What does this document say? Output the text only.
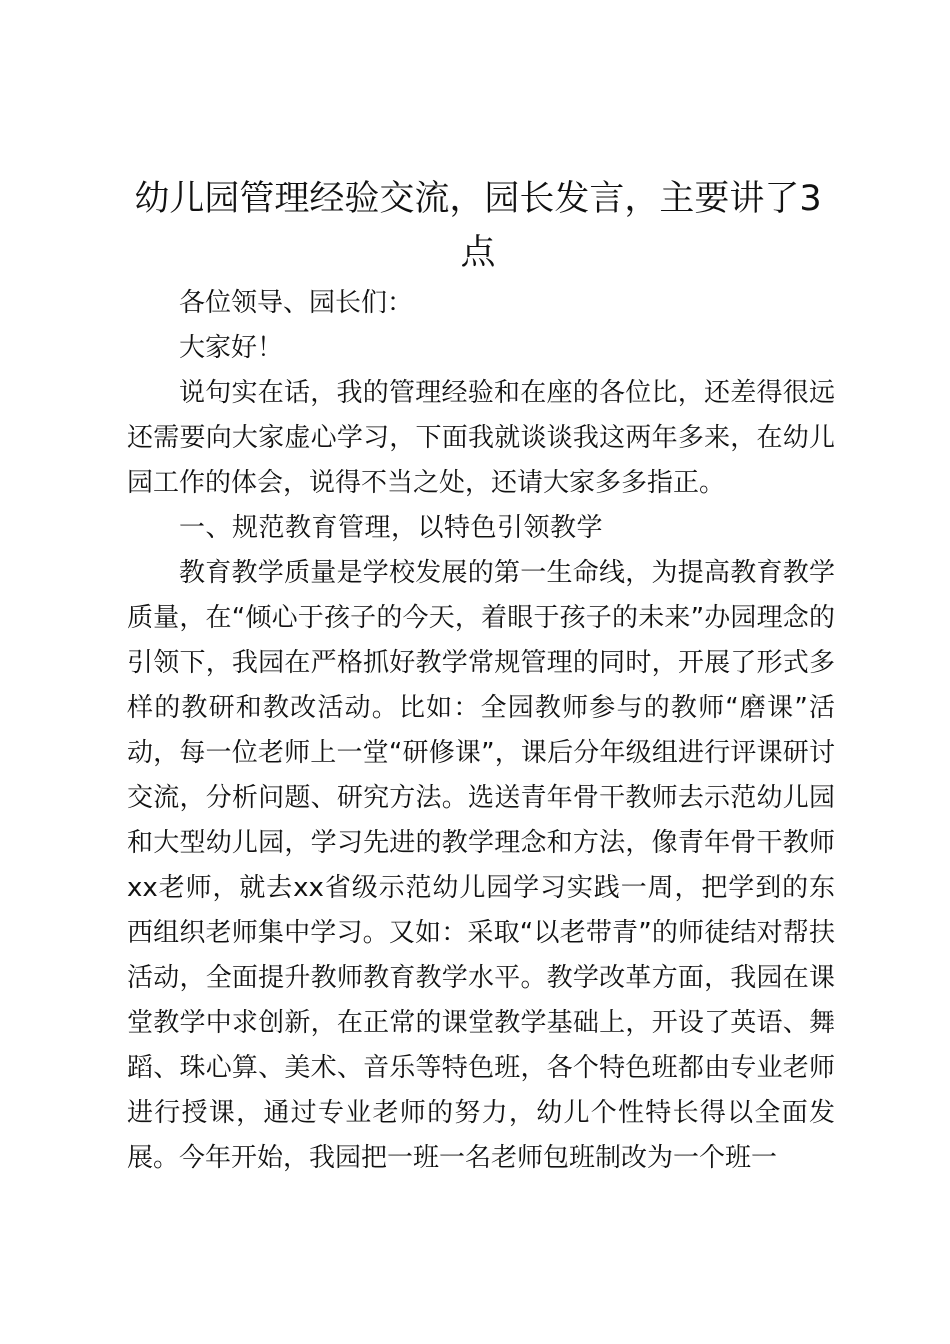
幼儿园管理经验交流，园长发言，主要讲了3点

各位领导、园长们：

大家好！

说句实在话，我的管理经验和在座的各位比，还差得很远还需要向大家虚心学习，下面我就谈谈我这两年多来，在幼儿园工作的体会，说得不当之处，还请大家多多指正。

一、规范教育管理，以特色引领教学

教育教学质量是学校发展的第一生命线，为提高教育教学质量，在“倾心于孩子的今天，着眼于孩子的未来”办园理念的引领下，我园在严格抓好教学常规管理的同时，开展了形式多样的教研和教改活动。比如：全园教师参与的教师“磨课”活动，每一位老师上一堂“研修课”，课后分年级组进行评课研讨交流，分析问题、研究方法。选送青年骨干教师去示范幼儿园和大型幼儿园，学习先进的教学理念和方法，像青年骨干教师xx老师，就去xx省级示范幼儿园学习实践一周，把学到的东西组织老师集中学习。又如：采取“以老带青”的师徒结对帮扶活动，全面提升教师教育教学水平。教学改革方面，我园在课堂教学中求创新，在正常的课堂教学基础上，开设了英语、舞蹈、珠心算、美术、音乐等特色班，各个特色班都由专业老师进行授课，通过专业老师的努力，幼儿个性特长得以全面发展。今年开始，我园把一班一名老师包班制改为一个班一
